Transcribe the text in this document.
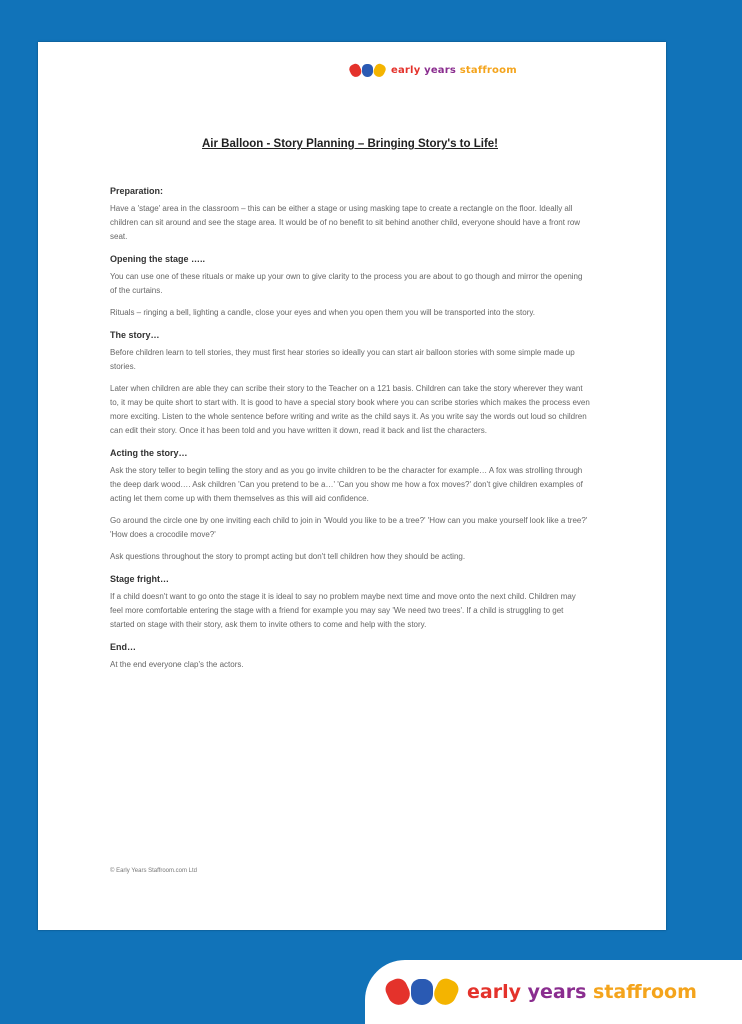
early years staffroom
Air Balloon - Story Planning – Bringing Story's to Life!
Preparation:

Have a 'stage' area in the classroom – this can be either a stage or using masking tape to create a rectangle on the floor. Ideally all children can sit around and see the stage area. It would be of no benefit to sit behind another child, everyone should have a front row seat.

Opening the stage …..

You can use one of these rituals or make up your own to give clarity to the process you are about to go though and mirror the opening of the curtains.

Rituals – ringing a bell, lighting a candle, close your eyes and when you open them you will be transported into the story.

The story…

Before children learn to tell stories, they must first hear stories so ideally you can start air balloon stories with some simple made up stories.

Later when children are able they can scribe their story to the Teacher on a 121 basis. Children can take the story wherever they want to, it may be quite short to start with. It is good to have a special story book where you can scribe stories which makes the process even more exciting. Listen to the whole sentence before writing and write as the child says it. As you write say the words out loud so children can edit their story. Once it has been told and you have written it down, read it back and list the characters.

Acting the story…

Ask the story teller to begin telling the story and as you go invite children to be the character for example… A fox was strolling through the deep dark wood…. Ask children 'Can you pretend to be a…' 'Can you show me how a fox moves?' don't give children examples of acting let them come up with them themselves as this will aid confidence.

Go around the circle one by one inviting each child to join in 'Would you like to be a tree?' 'How can you make yourself look like a tree?' 'How does a crocodile move?'

Ask questions throughout the story to prompt acting but don't tell children how they should be acting.

Stage fright…

If a child doesn't want to go onto the stage it is ideal to say no problem maybe next time and move onto the next child. Children may feel more comfortable entering the stage with a friend for example you may say 'We need two trees'. If a child is struggling to get started on stage with their story, ask them to invite others to come and help with the story.

End…

At the end everyone clap's the actors.

© Early Years Staffroom.com Ltd
early years staffroom
